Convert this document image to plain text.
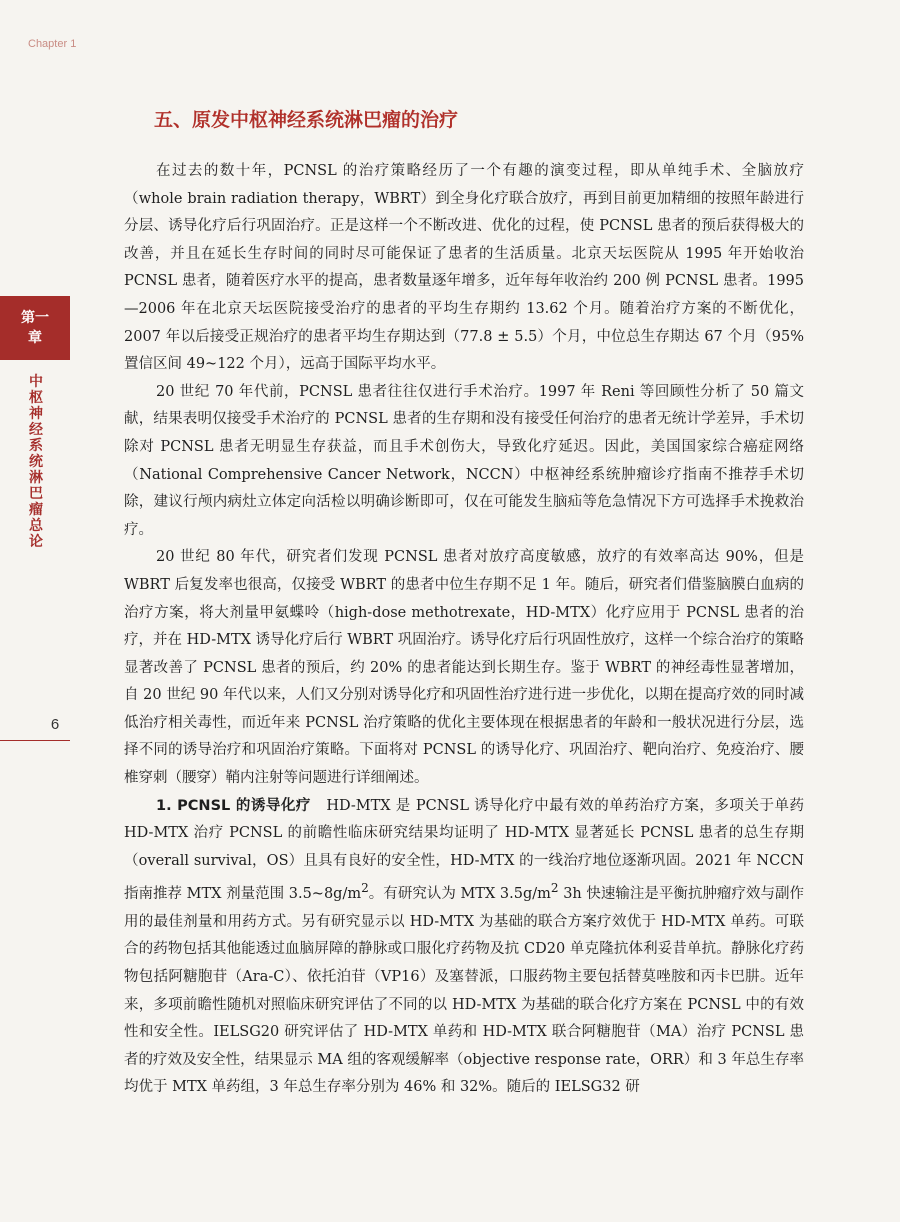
Chapter 1
第一
章
中枢神经系统淋巴瘤总论
6
五、原发中枢神经系统淋巴瘤的治疗

在过去的数十年，PCNSL 的治疗策略经历了一个有趣的演变过程，即从单纯手术、全脑放疗（whole brain radiation therapy，WBRT）到全身化疗联合放疗，再到目前更加精细的按照年龄进行分层、诱导化疗后行巩固治疗。正是这样一个不断改进、优化的过程，使 PCNSL 患者的预后获得极大的改善，并且在延长生存时间的同时尽可能保证了患者的生活质量。北京天坛医院从 1995 年开始收治 PCNSL 患者，随着医疗水平的提高，患者数量逐年增多，近年每年收治约 200 例 PCNSL 患者。1995—2006 年在北京天坛医院接受治疗的患者的平均生存期约 13.62 个月。随着治疗方案的不断优化，2007 年以后接受正规治疗的患者平均生存期达到（77.8 ± 5.5）个月，中位总生存期达 67 个月（95% 置信区间 49~122 个月），远高于国际平均水平。

20 世纪 70 年代前，PCNSL 患者往往仅进行手术治疗。1997 年 Reni 等回顾性分析了 50 篇文献，结果表明仅接受手术治疗的 PCNSL 患者的生存期和没有接受任何治疗的患者无统计学差异，手术切除对 PCNSL 患者无明显生存获益，而且手术创伤大，导致化疗延迟。因此，美国国家综合癌症网络（National Comprehensive Cancer Network，NCCN）中枢神经系统肿瘤诊疗指南不推荐手术切除，建议行颅内病灶立体定向活检以明确诊断即可，仅在可能发生脑疝等危急情况下方可选择手术挽救治疗。

20 世纪 80 年代，研究者们发现 PCNSL 患者对放疗高度敏感，放疗的有效率高达 90%，但是 WBRT 后复发率也很高，仅接受 WBRT 的患者中位生存期不足 1 年。随后，研究者们借鉴脑膜白血病的治疗方案，将大剂量甲氨蝶呤（high-dose methotrexate，HD-MTX）化疗应用于 PCNSL 患者的治疗，并在 HD-MTX 诱导化疗后行 WBRT 巩固治疗。诱导化疗后行巩固性放疗，这样一个综合治疗的策略显著改善了 PCNSL 患者的预后，约 20% 的患者能达到长期生存。鉴于 WBRT 的神经毒性显著增加，自 20 世纪 90 年代以来，人们又分别对诱导化疗和巩固性治疗进行进一步优化，以期在提高疗效的同时减低治疗相关毒性，而近年来 PCNSL 治疗策略的优化主要体现在根据患者的年龄和一般状况进行分层，选择不同的诱导治疗和巩固治疗策略。下面将对 PCNSL 的诱导化疗、巩固治疗、靶向治疗、免疫治疗、腰椎穿刺（腰穿）鞘内注射等问题进行详细阐述。

1. PCNSL 的诱导化疗 HD-MTX 是 PCNSL 诱导化疗中最有效的单药治疗方案，多项关于单药 HD-MTX 治疗 PCNSL 的前瞻性临床研究结果均证明了 HD-MTX 显著延长 PCNSL 患者的总生存期（overall survival，OS）且具有良好的安全性，HD-MTX 的一线治疗地位逐渐巩固。2021 年 NCCN 指南推荐 MTX 剂量范围 $3.5\sim 8g/m^2$。有研究认为 MTX $3.5g/m^2$ 3h 快速输注是平衡抗肿瘤疗效与副作用的最佳剂量和用药方式。另有研究显示以 HD-MTX 为基础的联合方案疗效优于 HD-MTX 单药。可联合的药物包括其他能透过血脑屏障的静脉或口服化疗药物及抗 CD20 单克隆抗体利妥昔单抗。静脉化疗药物包括阿糖胞苷（Ara-C）、依托泊苷（VP16）及塞替派，口服药物主要包括替莫唑胺和丙卡巴肼。近年来，多项前瞻性随机对照临床研究评估了不同的以 HD-MTX 为基础的联合化疗方案在 PCNSL 中的有效性和安全性。IELSG20 研究评估了 HD-MTX 单药和 HD-MTX 联合阿糖胞苷（MA）治疗 PCNSL 患者的疗效及安全性，结果显示 MA 组的客观缓解率（objective response rate，ORR）和 3 年总生存率均优于 MTX 单药组，3 年总生存率分别为 46% 和 32%。随后的 IELSG32 研
